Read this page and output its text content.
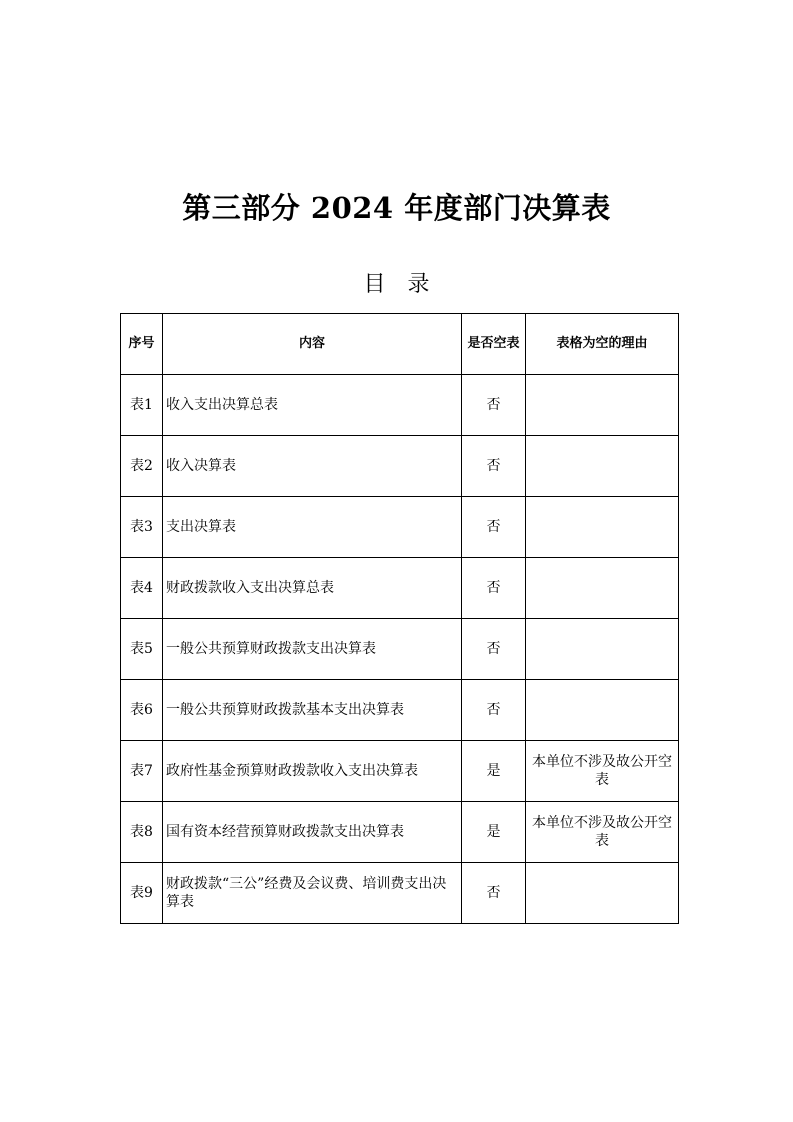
第三部分 2024 年度部门决算表
目录
序号	内容	是否空表	表格为空的理由
表1	收入支出决算总表	否	
表2	收入决算表	否	
表3	支出决算表	否	
表4	财政拨款收入支出决算总表	否	
表5	一般公共预算财政拨款支出决算表	否	
表6	一般公共预算财政拨款基本支出决算表	否	
表7	政府性基金预算财政拨款收入支出决算表	是	本单位不涉及故公开空表
表8	国有资本经营预算财政拨款支出决算表	是	本单位不涉及故公开空表
表9	财政拨款“三公”经费及会议费、培训费支出决算表	否	
